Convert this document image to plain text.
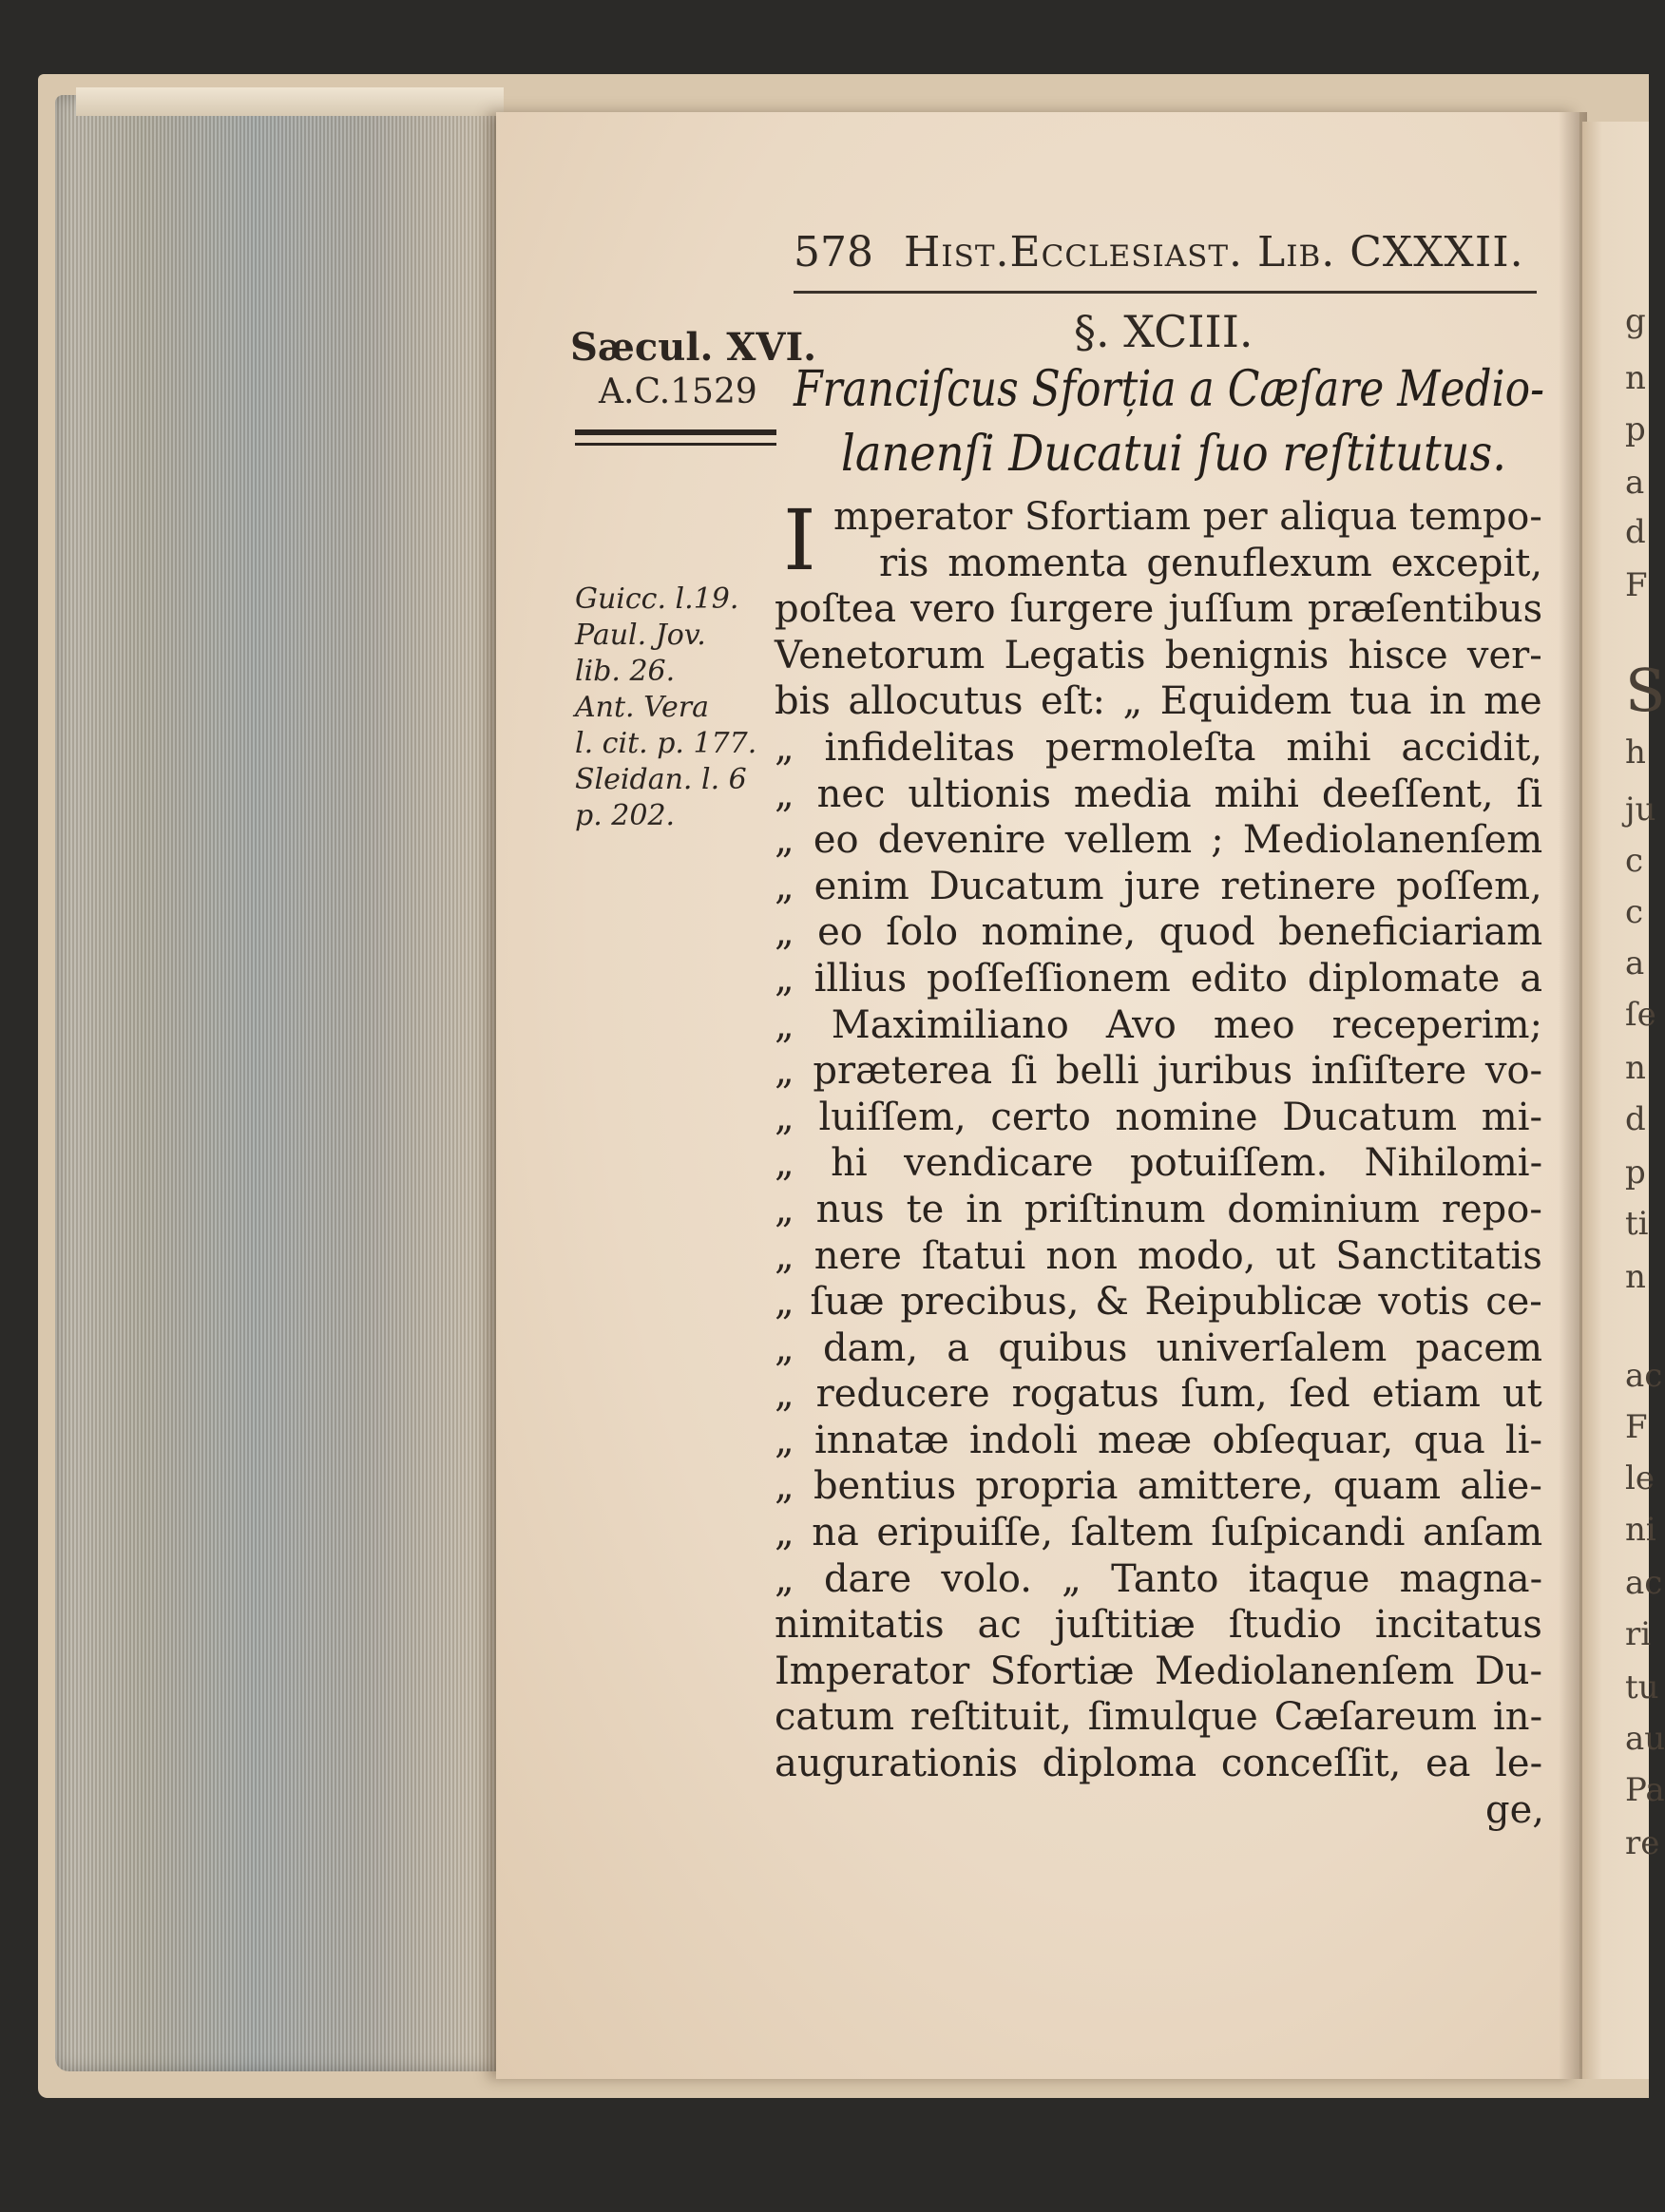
g
n
p
a
d
F
S
h
ju
c
c
a
ſe
n
d
p
ti
n
ac
F
le
ni
ac
ri
tu
au
Pa
re
578 Hist.Ecclesiast. Lib. CXXXII.
Sæcul. XVI.
A.C.1529
Guicc. l.19.
Paul. Jov.
lib. 26.
Ant. Vera
l. cit. p. 177.
Sleidan. l. 6
p. 202.
§. XCIII.
Franciſcus Sforția a Cæſare Medio-
lanenſi Ducatui ſuo reſtitutus.
I mperator Sfortiam per aliqua tempo-
ris momenta genuflexum excepit,
poſtea vero ſurgere juſſum præſentibus
Venetorum Legatis benignis hisce ver-
bis allocutus eſt: „ Equidem tua in me
„ infidelitas permoleſta mihi accidit,
„ nec ultionis media mihi deeſſent, ſi
„ eo devenire vellem ; Mediolanenſem
„ enim Ducatum jure retinere poſſem,
„ eo ſolo nomine, quod beneficiariam
„ illius poſſeſſionem edito diplomate a
„ Maximiliano Avo meo receperim;
„ præterea ſi belli juribus inſiſtere vo-
„ luiſſem, certo nomine Ducatum mi-
„ hi vendicare potuiſſem. Nihilomi-
„ nus te in priſtinum dominium repo-
„ nere ſtatui non modo, ut Sanctitatis
„ ſuæ precibus, & Reipublicæ votis ce-
„ dam, a quibus univerſalem pacem
„ reducere rogatus ſum, ſed etiam ut
„ innatæ indoli meæ obſequar, qua li-
„ bentius propria amittere, quam alie-
„ na eripuiſſe, ſaltem ſuſpicandi anſam
„ dare volo. „ Tanto itaque magna-
nimitatis ac juſtitiæ ſtudio incitatus
Imperator Sfortiæ Mediolanenſem Du-
catum reſtituit, ſimulque Cæſareum in-
augurationis diploma conceſſit, ea le-
ge,
